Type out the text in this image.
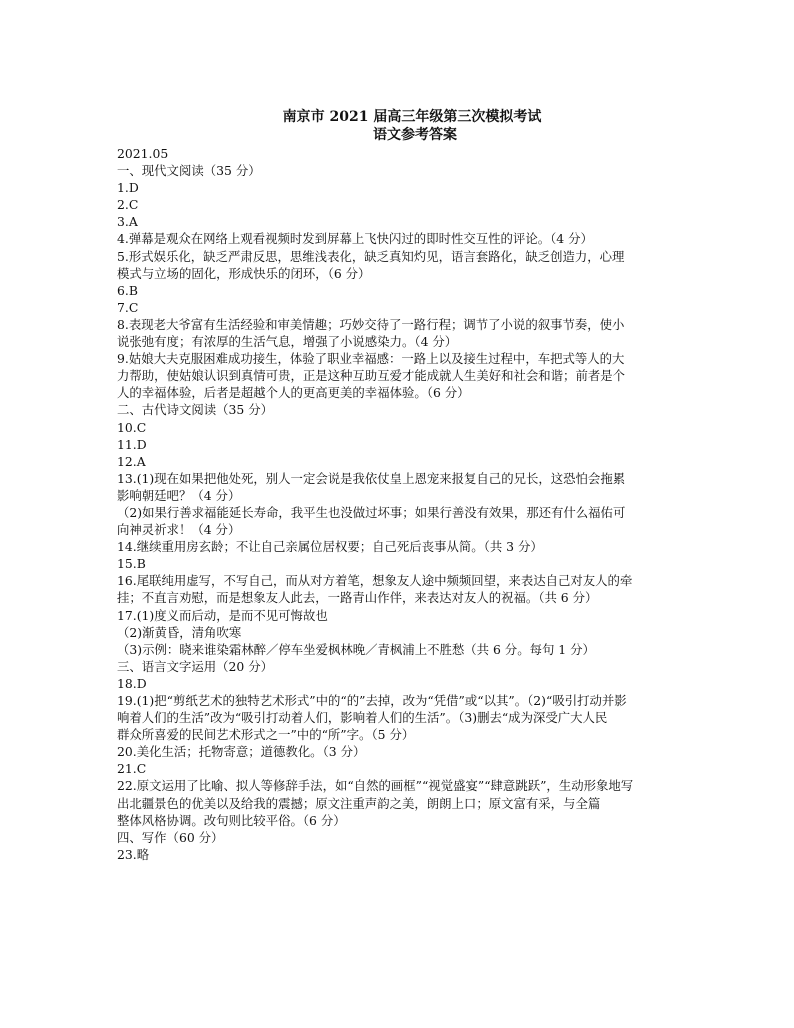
南京市 2021 届高三年级第三次模拟考试
语文参考答案
2021.05
一、现代文阅读（35 分）
1.D
2.C
3.A
4.弹幕是观众在网络上观看视频时发到屏幕上飞快闪过的即时性交互性的评论。（4 分）
5.形式娱乐化，缺乏严肃反思，思维浅表化，缺乏真知灼见，语言套路化，缺乏创造力，心理
模式与立场的固化，形成快乐的闭环，（6 分）
6.B
7.C
8.表现老大爷富有生活经验和审美情趣；巧妙交待了一路行程；调节了小说的叙事节奏，使小
说张弛有度；有浓厚的生活气息，增强了小说感染力。（4 分）
9.姑娘大夫克服困难成功接生，体验了职业幸福感：一路上以及接生过程中，车把式等人的大
力帮助，使姑娘认识到真情可贵，正是这种互助互爱才能成就人生美好和社会和谐；前者是个
人的幸福体验，后者是超越个人的更高更美的幸福体验。（6 分）
二、古代诗文阅读（35 分）
10.C
11.D
12.A
13.(1)现在如果把他处死，别人一定会说是我依仗皇上恩宠来报复自己的兄长，这恐怕会拖累
影响朝廷吧？（4 分）
（2)如果行善求福能延长寿命，我平生也没做过坏事；如果行善没有效果，那还有什么福佑可
向神灵祈求！（4 分）
14.继续重用房玄龄；不让自己亲属位居权要；自己死后丧事从简。（共 3 分）
15.B
16.尾联纯用虚写，不写自己，而从对方着笔，想象友人途中频频回望，来表达自己对友人的牵
挂；不直言劝慰，而是想象友人此去，一路青山作伴，来表达对友人的祝福。（共 6 分）
17.(1)度义而后动，是而不见可悔故也
（2)渐黄昏，清角吹寒
（3)示例：晓来谁染霜林醉／停车坐爱枫林晚／青枫浦上不胜愁（共 6 分。每句 1 分）
三、语言文字运用（20 分）
18.D
19.(1)把“剪纸艺术的独特艺术形式”中的“的”去掉，改为“凭借”或“以其”。（2)“吸引打动并影
响着人们的生活”改为“吸引打动着人们，影响着人们的生活”。（3)删去“成为深受广大人民
群众所喜爱的民间艺术形式之一”中的“所”字。（5 分）
20.美化生活；托物寄意；道德教化。（3 分）
21.C
22.原文运用了比喻、拟人等修辞手法，如“自然的画框”“视觉盛宴”“肆意跳跃”，生动形象地写
出北疆景色的优美以及给我的震撼；原文注重声韵之美，朗朗上口；原文富有采，与全篇
整体风格协调。改句则比较平俗。（6 分）
四、写作（60 分）
23.略
